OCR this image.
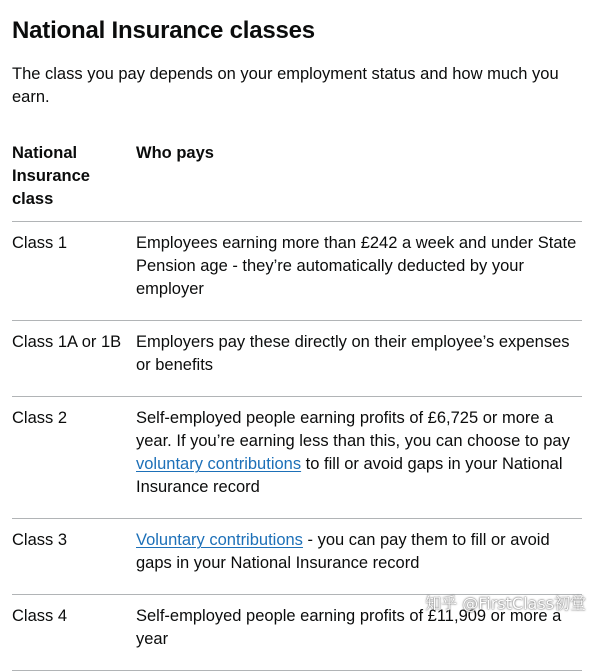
National Insurance classes

The class you pay depends on your employment status and how much you earn.

National Insurance class	Who pays
Class 1	Employees earning more than £242 a week and under State Pension age - they’re automatically deducted by your employer
Class 1A or 1B	Employers pay these directly on their employee’s expenses or benefits
Class 2	Self-employed people earning profits of £6,725 or more a year. If you’re earning less than this, you can choose to pay voluntary contributions to fill or avoid gaps in your National Insurance record
Class 3	Voluntary contributions - you can pay them to fill or avoid gaps in your National Insurance record
Class 4	Self-employed people earning profits of £11,909 or more a year
知乎 @FirstClass初堂
